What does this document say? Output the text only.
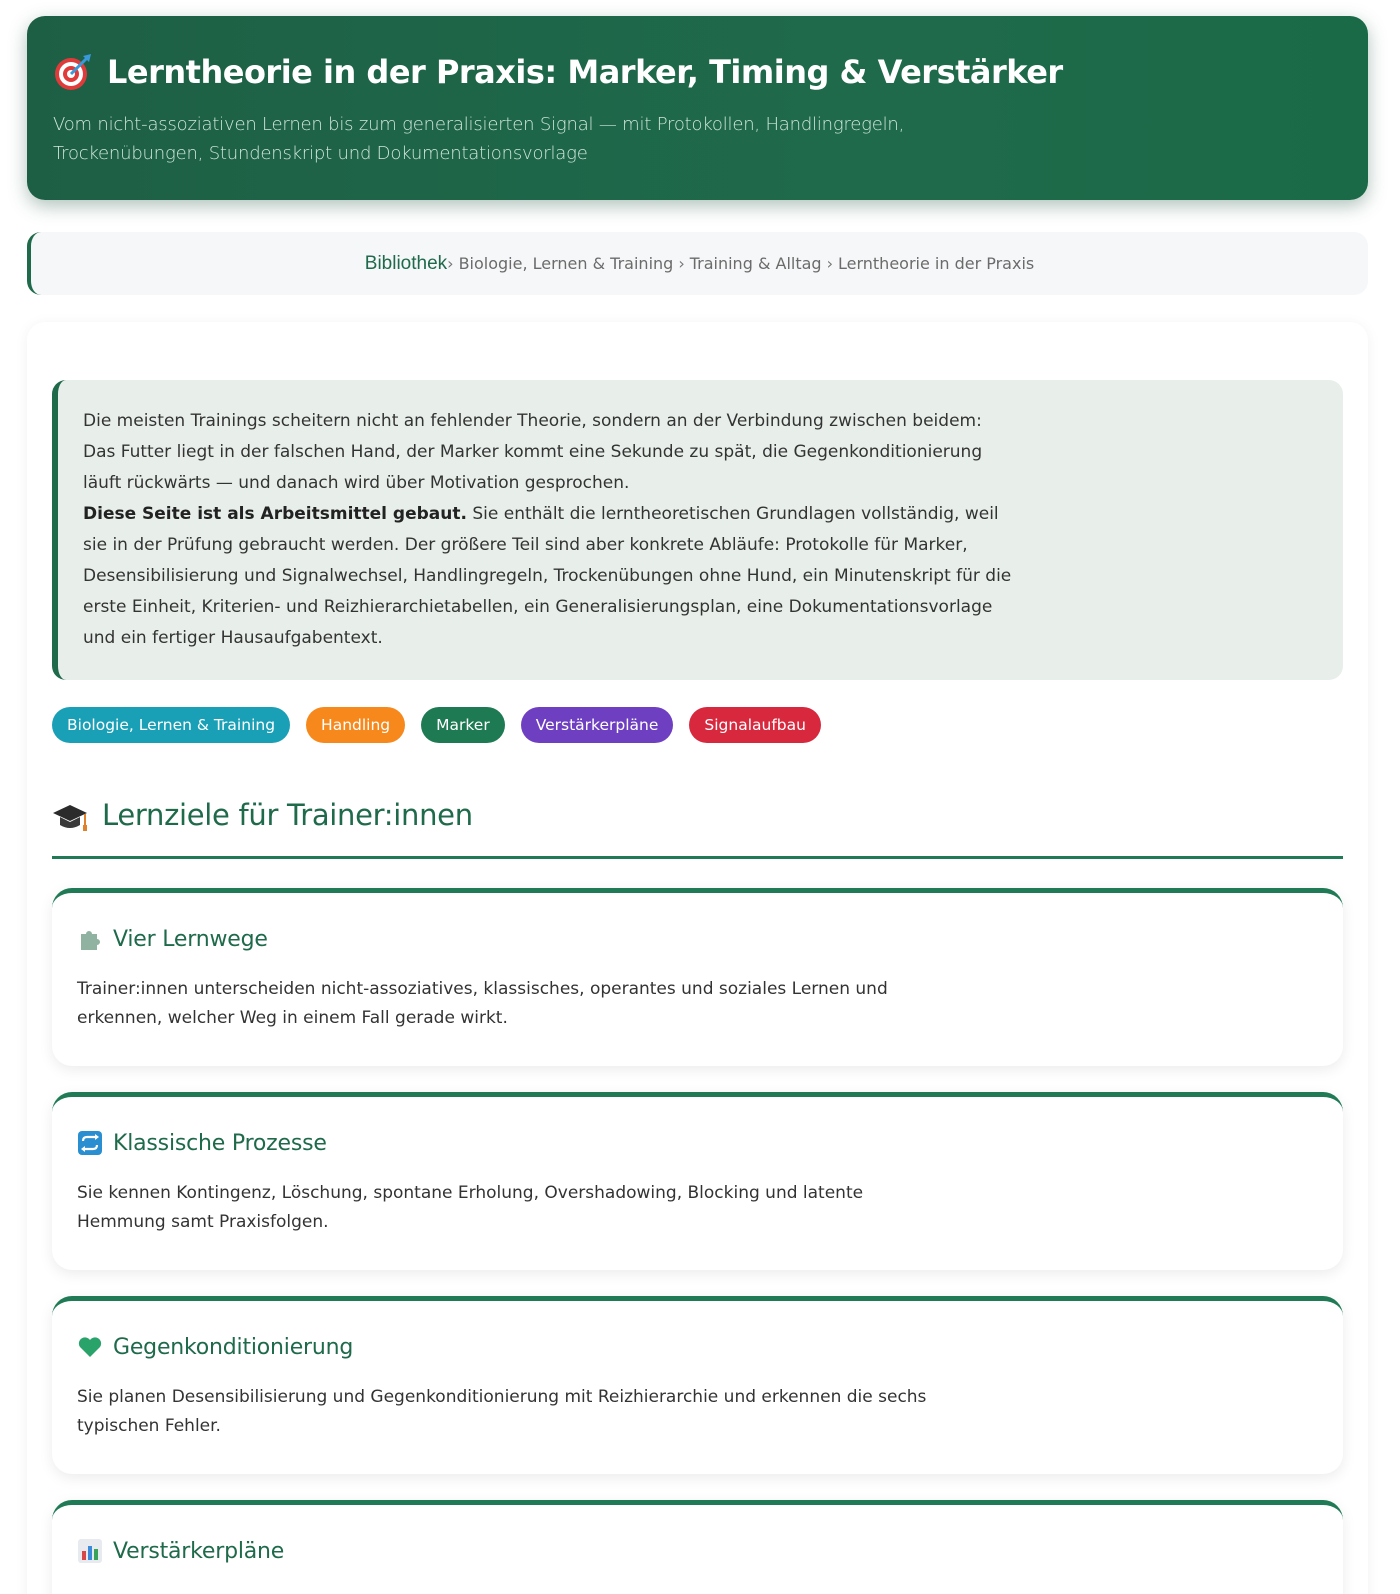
Lerntheorie in der Praxis: Marker, Timing & Verstärker
Vom nicht-assoziativen Lernen bis zum generalisierten Signal — mit Protokollen, Handlingregeln, Trockenübungen, Stundenskript und Dokumentationsvorlage
Bibliothek › Biologie, Lernen & Training › Training & Alltag › Lerntheorie in der Praxis

Die meisten Trainings scheitern nicht an fehlender Theorie, sondern an der Verbindung zwischen beidem: Das Futter liegt in der falschen Hand, der Marker kommt eine Sekunde zu spät, die Gegenkonditionierung läuft rückwärts — und danach wird über Motivation gesprochen.

Diese Seite ist als Arbeitsmittel gebaut. Sie enthält die lerntheoretischen Grundlagen vollständig, weil sie in der Prüfung gebraucht werden. Der größere Teil sind aber konkrete Abläufe: Protokolle für Marker, Desensibilisierung und Signalwechsel, Handlingregeln, Trockenübungen ohne Hund, ein Minutenskript für die erste Einheit, Kriterien- und Reizhierarchietabellen, ein Generalisierungsplan, eine Dokumentationsvorlage und ein fertiger Hausaufgabentext.

Biologie, Lernen & Training	Handling	Marker	Verstärkerpläne	Signalaufbau
Lernziele für Trainer:innen
Vier Lernwege

Trainer:innen unterscheiden nicht-assoziatives, klassisches, operantes und soziales Lernen und erkennen, welcher Weg in einem Fall gerade wirkt.

Klassische Prozesse

Sie kennen Kontingenz, Löschung, spontane Erholung, Overshadowing, Blocking und latente Hemmung samt Praxisfolgen.

Gegenkonditionierung

Sie planen Desensibilisierung und Gegenkonditionierung mit Reizhierarchie und erkennen die sechs typischen Fehler.

Verstärkerpläne
